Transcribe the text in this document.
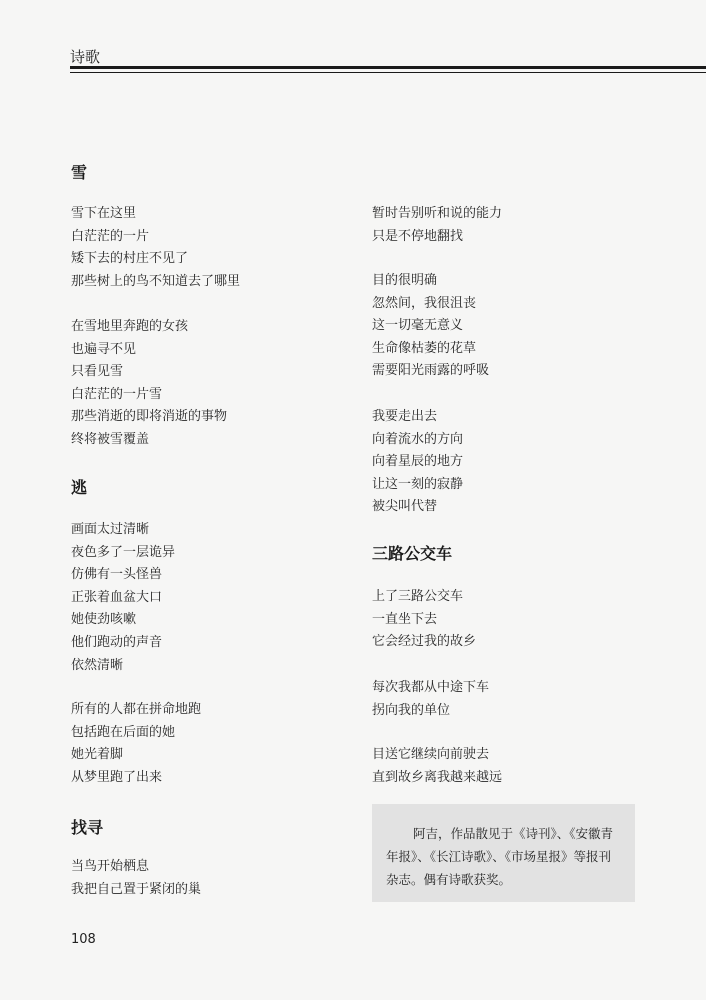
诗歌
雪
雪下在这里
白茫茫的一片
矮下去的村庄不见了
那些树上的鸟不知道去了哪里
在雪地里奔跑的女孩
也遍寻不见
只看见雪
白茫茫的一片雪
那些消逝的即将消逝的事物
终将被雪覆盖
逃
画面太过清晰
夜色多了一层诡异
仿佛有一头怪兽
正张着血盆大口
她使劲咳嗽
他们跑动的声音
依然清晰
所有的人都在拼命地跑
包括跑在后面的她
她光着脚
从梦里跑了出来
找寻
当鸟开始栖息
我把自己置于紧闭的巢
暂时告别听和说的能力
只是不停地翻找
目的很明确
忽然间，我很沮丧
这一切毫无意义
生命像枯萎的花草
需要阳光雨露的呼吸
我要走出去
向着流水的方向
向着星辰的地方
让这一刻的寂静
被尖叫代替
三路公交车
上了三路公交车
一直坐下去
它会经过我的故乡
每次我都从中途下车
拐向我的单位
目送它继续向前驶去
直到故乡离我越来越远
阿吉，作品散见于《诗刊》、《安徽青年报》、《长江诗歌》、《市场星报》等报刊杂志。偶有诗歌获奖。
108
